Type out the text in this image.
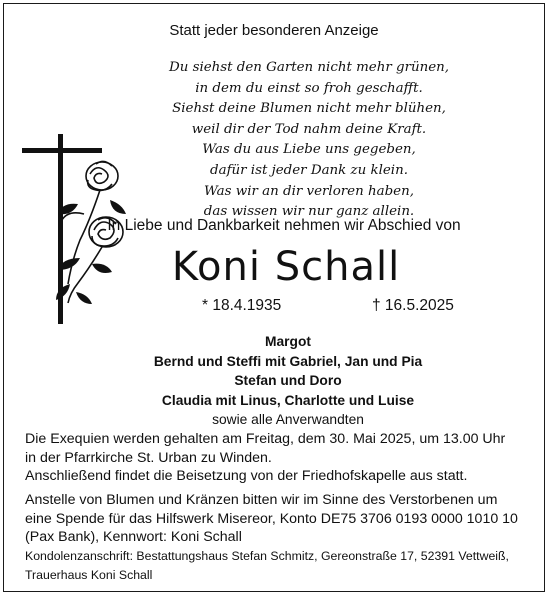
Statt jeder besonderen Anzeige
Du siehst den Garten nicht mehr grünen,
in dem du einst so froh geschafft.
Siehst deine Blumen nicht mehr blühen,
weil dir der Tod nahm deine Kraft.
Was du aus Liebe uns gegeben,
dafür ist jeder Dank zu klein.
Was wir an dir verloren haben,
das wissen wir nur ganz allein.
In Liebe und Dankbarkeit nehmen wir Abschied von
Koni Schall
* 18.4.1935	† 16.5.2025
Margot
Bernd und Steffi mit Gabriel, Jan und Pia
Stefan und Doro
Claudia mit Linus, Charlotte und Luise
sowie alle Anverwandten
Die Exequien werden gehalten am Freitag, dem 30. Mai 2025, um 13.00 Uhr
in der Pfarrkirche St. Urban zu Winden.
Anschließend findet die Beisetzung von der Friedhofskapelle aus statt.
Anstelle von Blumen und Kränzen bitten wir im Sinne des Verstorbenen um
eine Spende für das Hilfswerk Misereor, Konto DE75 3706 0193 0000 1010 10
(Pax Bank), Kennwort: Koni Schall
Kondolenzanschrift: Bestattungshaus Stefan Schmitz, Gereonstraße 17, 52391 Vettweiß,
Trauerhaus Koni Schall
